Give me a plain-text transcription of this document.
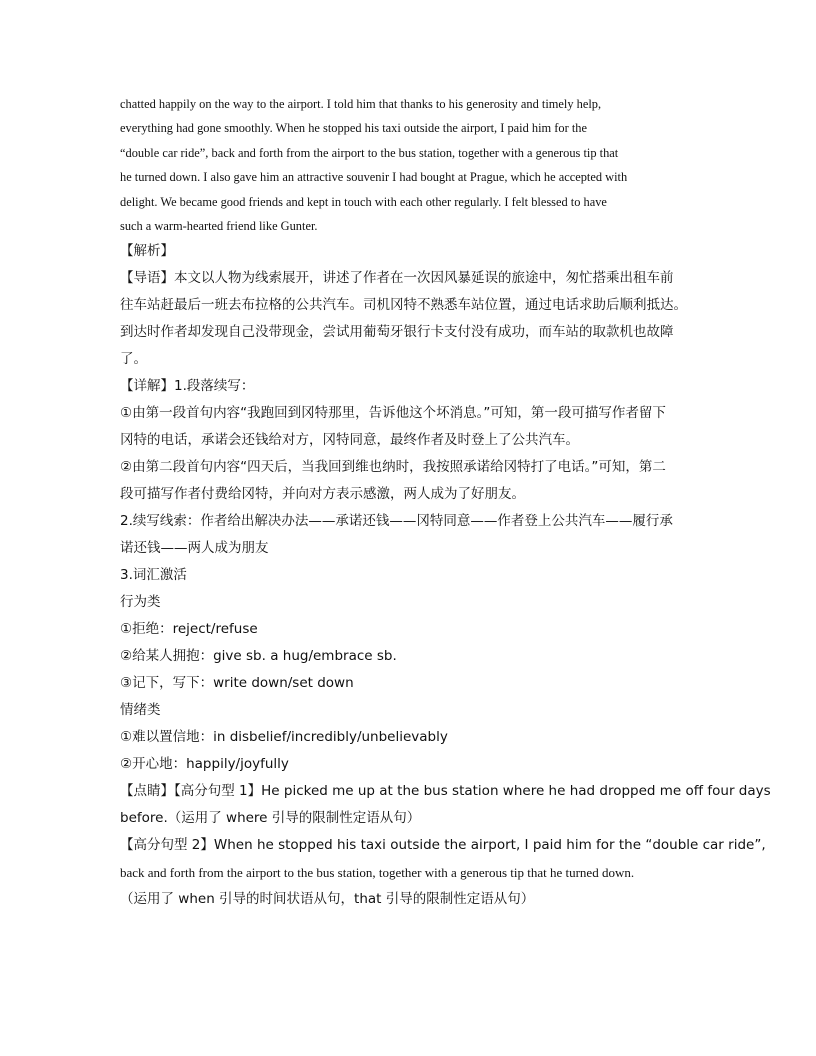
chatted happily on the way to the airport. I told him that thanks to his generosity and timely help,

everything had gone smoothly. When he stopped his taxi outside the airport, I paid him for the

“double car ride”, back and forth from the airport to the bus station, together with a generous tip that

he turned down. I also gave him an attractive souvenir I had bought at Prague, which he accepted with

delight. We became good friends and kept in touch with each other regularly. I felt blessed to have

such a warm-hearted friend like Gunter.

【解析】
【导语】本文以人物为线索展开，讲述了作者在一次因风暴延误的旅途中，匆忙搭乘出租车前
往车站赶最后一班去布拉格的公共汽车。司机冈特不熟悉车站位置，通过电话求助后顺利抵达。
到达时作者却发现自己没带现金，尝试用葡萄牙银行卡支付没有成功，而车站的取款机也故障
了。
【详解】1.段落续写：
①由第一段首句内容“我跑回到冈特那里，告诉他这个坏消息。”可知，第一段可描写作者留下
冈特的电话，承诺会还钱给对方，冈特同意，最终作者及时登上了公共汽车。
②由第二段首句内容“四天后，当我回到维也纳时，我按照承诺给冈特打了电话。”可知，第二
段可描写作者付费给冈特，并向对方表示感激，两人成为了好朋友。
2.续写线索：作者给出解决办法——承诺还钱——冈特同意——作者登上公共汽车——履行承
诺还钱——两人成为朋友
3.词汇激活
行为类
①拒绝：reject/refuse
②给某人拥抱：give sb. a hug/embrace sb.
③记下，写下：write down/set down
情绪类
①难以置信地：in disbelief/incredibly/unbelievably
②开心地：happily/joyfully
【点睛】【高分句型 1】He picked me up at the bus station where he had dropped me off four days
before.（运用了 where 引导的限制性定语从句）
【高分句型 2】When he stopped his taxi outside the airport, I paid him for the “double car ride”,
back and forth from the airport to the bus station, together with a generous tip that he turned down.
（运用了 when 引导的时间状语从句，that 引导的限制性定语从句）
